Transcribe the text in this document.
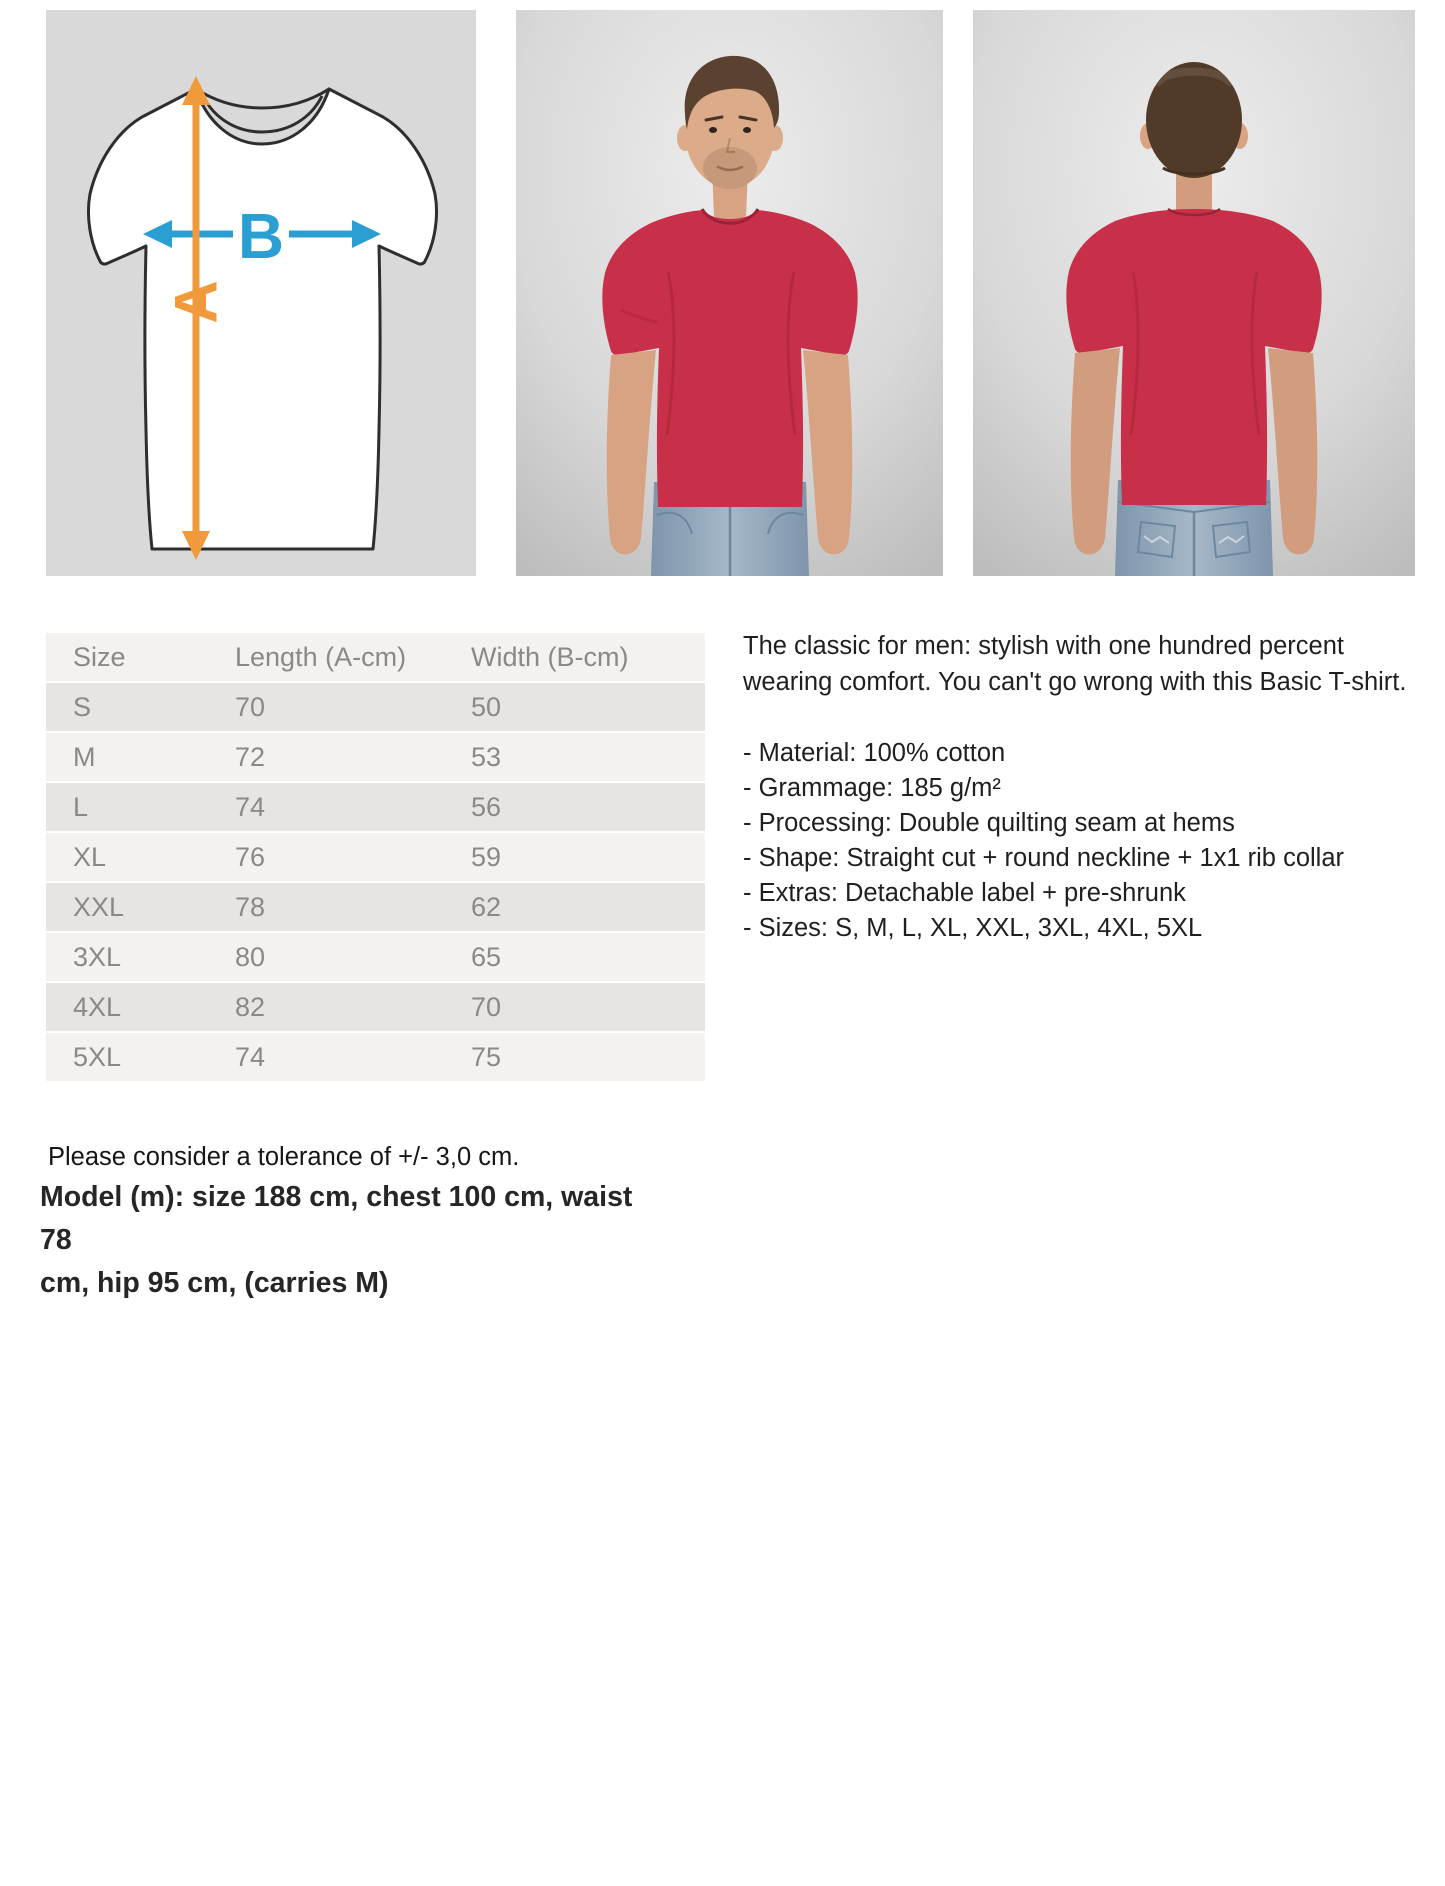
B
A
Size	Length (A-cm)	Width (B-cm)
S	70	50
M	72	53
L	74	56
XL	76	59
XXL	78	62
3XL	80	65
4XL	82	70
5XL	74	75

The classic for men: stylish with one hundred percent wearing comfort. You can't go wrong with this Basic T-shirt.

- Material: 100% cotton
- Grammage: 185 g/m²
- Processing: Double quilting seam at hems
- Shape: Straight cut + round neckline + 1x1 rib collar
- Extras: Detachable label + pre-shrunk
- Sizes: S, M, L, XL, XXL, 3XL, 4XL, 5XL

Please consider a tolerance of +/- 3,0 cm.

Model (m): size 188 cm, chest 100 cm, waist 78
cm, hip 95 cm, (carries M)
